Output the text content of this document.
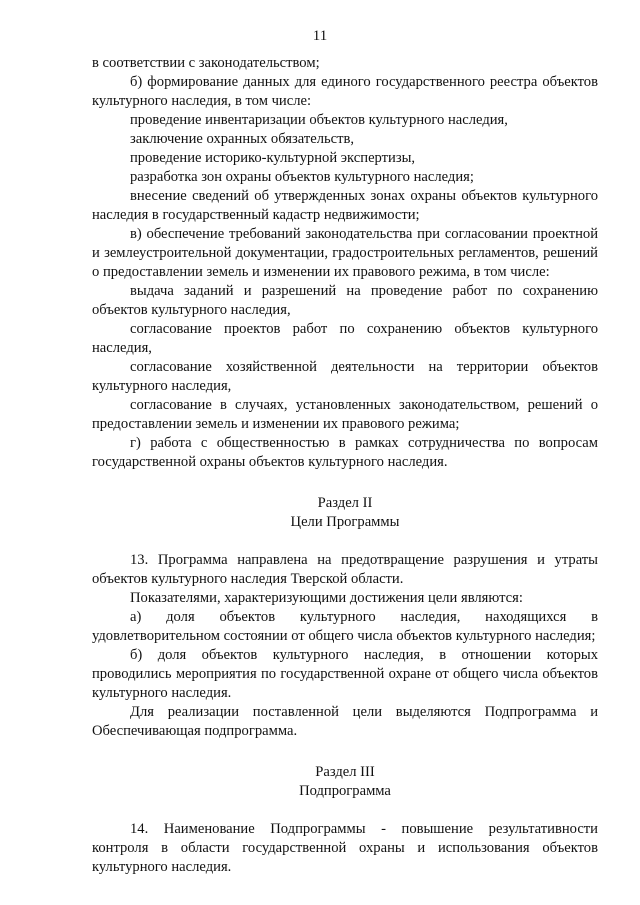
11

в соответствии с законодательством;

б) формирование данных для единого государственного реестра объектов культурного наследия, в том числе:

проведение инвентаризации объектов культурного наследия,

заключение охранных обязательств,

проведение историко-культурной экспертизы,

разработка зон охраны объектов культурного наследия;

внесение сведений об утвержденных зонах охраны объектов культурного наследия в государственный кадастр недвижимости;

в) обеспечение требований законодательства при согласовании проектной и землеустроительной документации, градостроительных регламентов, решений о предоставлении земель и изменении их правового режима, в том числе:

выдача заданий и разрешений на проведение работ по сохранению объектов культурного наследия,

согласование проектов работ по сохранению объектов культурного наследия,

согласование хозяйственной деятельности на территории объектов культурного наследия,

согласование в случаях, установленных законодательством, решений о предоставлении земель и изменении их правового режима;

г) работа с общественностью в рамках сотрудничества по вопросам государственной охраны объектов культурного наследия.

Раздел II

Цели Программы

13. Программа направлена на предотвращение разрушения и утраты объектов культурного наследия Тверской области.

Показателями, характеризующими достижения цели являются:

а) доля объектов культурного наследия, находящихся в удовлетворительном состоянии от общего числа объектов культурного наследия;

б) доля объектов культурного наследия, в отношении которых проводились мероприятия по государственной охране от общего числа объектов культурного наследия.

Для реализации поставленной цели выделяются Подпрограмма и Обеспечивающая подпрограмма.

Раздел III

Подпрограмма

14. Наименование Подпрограммы - повышение результативности контроля в области государственной охраны и использования объектов культурного наследия.
